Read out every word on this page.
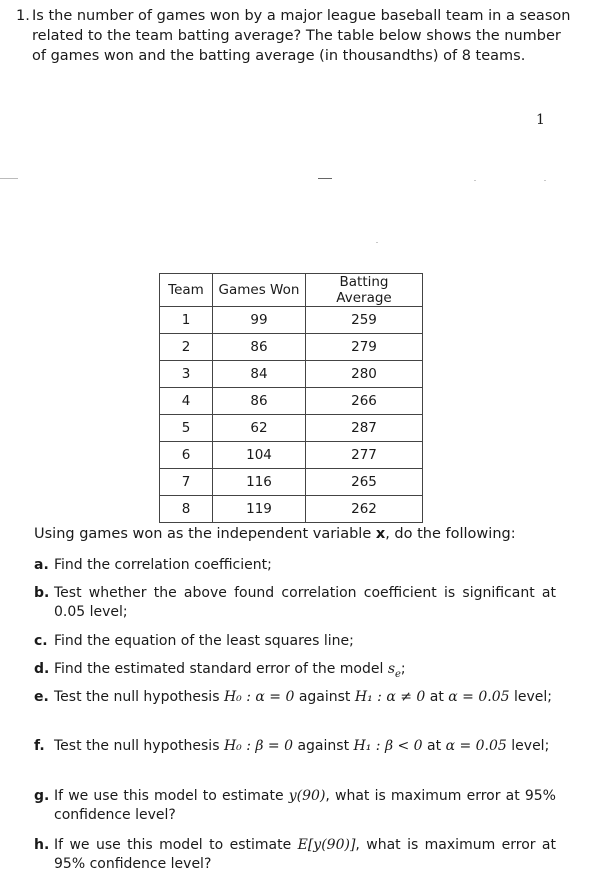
1. Is the number of games won by a major league baseball team in a season related to the team batting average? The table below shows the number of games won and the batting average (in thousandths) of 8 teams.
1
Team	Games Won	Batting Average
1	99	259
2	86	279
3	84	280
4	86	266
5	62	287
6	104	277
7	116	265
8	119	262
Using games won as the independent variable x, do the following:
a. Find the correlation coefficient;
b. Test whether the above found correlation coefficient is significant at 0.05 level;
c. Find the equation of the least squares line;
d. Find the estimated standard error of the model $s_e$;
e. Test the null hypothesis H₀ : α = 0 against H₁ : α ≠ 0 at α = 0.05 level;
f. Test the null hypothesis H₀ : β = 0 against H₁ : β < 0 at α = 0.05 level;
g. If we use this model to estimate y(90), what is maximum error at 95% confidence level?
h. If we use this model to estimate E[y(90)], what is maximum error at 95% confidence level?
